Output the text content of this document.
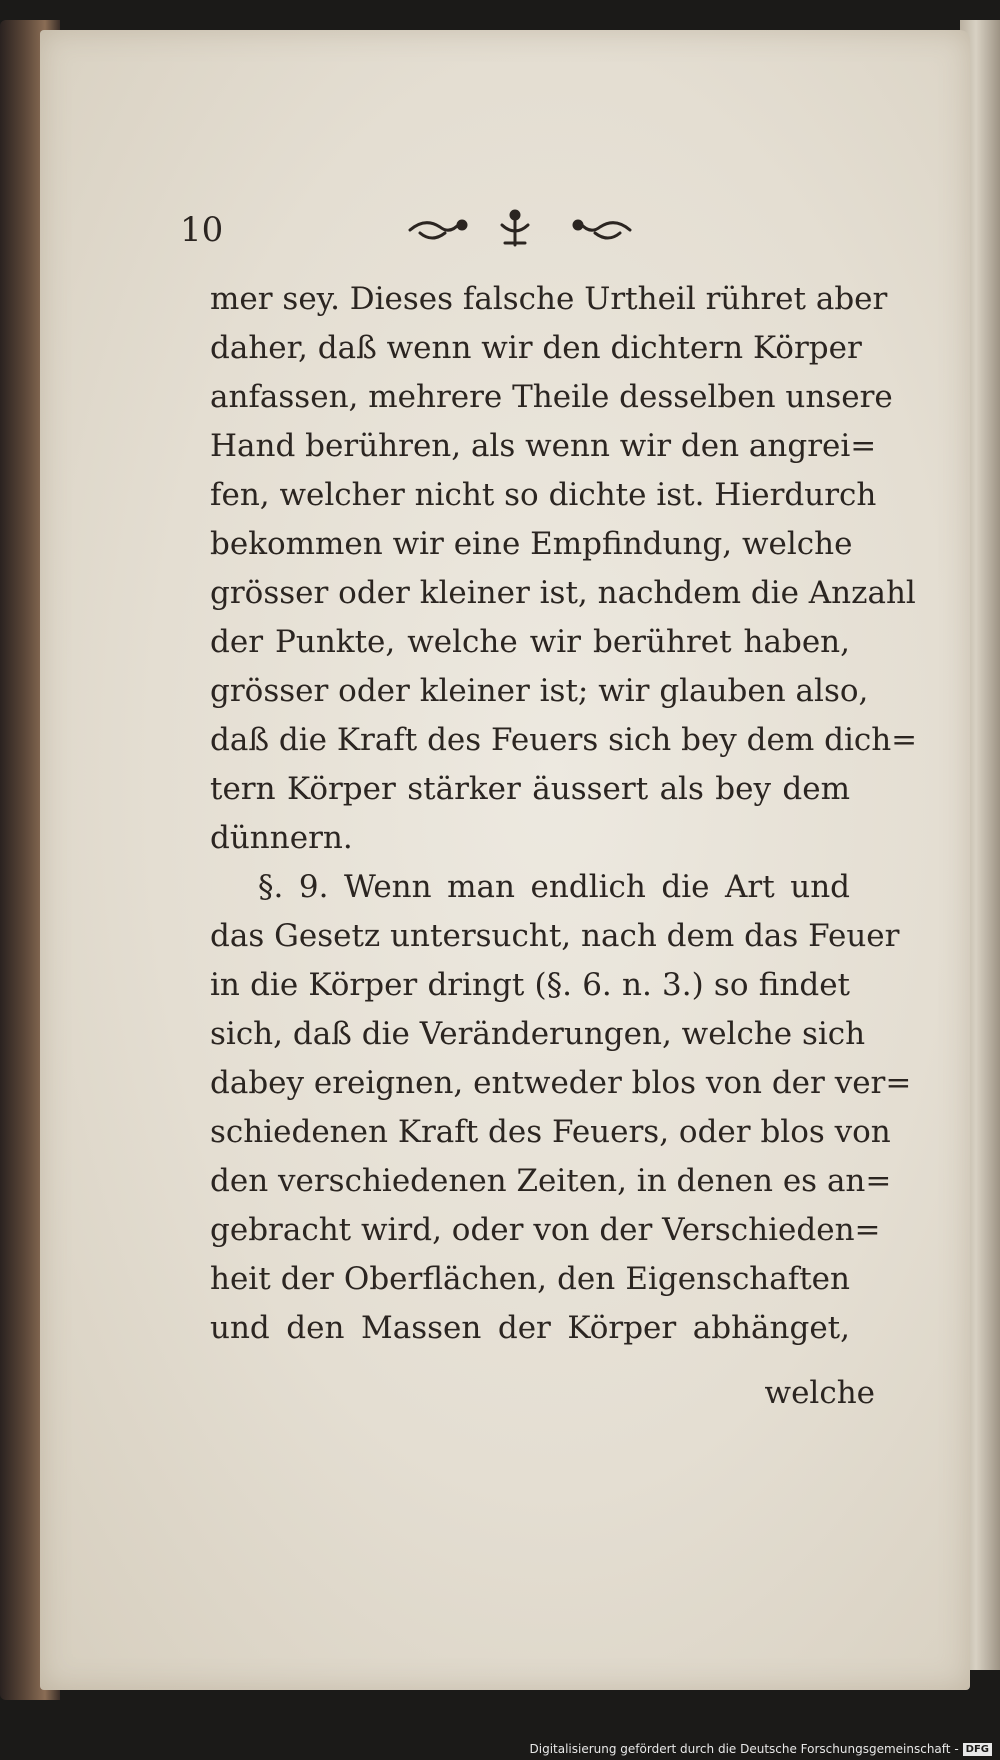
10
mer sey. Dieses falsche Urtheil rühret aber
daher, daß wenn wir den dichtern Körper
anfassen, mehrere Theile desselben unsere
Hand berühren, als wenn wir den angrei=
fen, welcher nicht so dichte ist. Hierdurch
bekommen wir eine Empfindung, welche
grösser oder kleiner ist, nachdem die Anzahl
der Punkte, welche wir berühret haben,
grösser oder kleiner ist; wir glauben also,
daß die Kraft des Feuers sich bey dem dich=
tern Körper stärker äussert als bey dem
dünnern.
§. 9. Wenn man endlich die Art und
das Gesetz untersucht, nach dem das Feuer
in die Körper dringt (§. 6. n. 3.) so findet
sich, daß die Veränderungen, welche sich
dabey ereignen, entweder blos von der ver=
schiedenen Kraft des Feuers, oder blos von
den verschiedenen Zeiten, in denen es an=
gebracht wird, oder von der Verschieden=
heit der Oberflächen, den Eigenschaften
und den Massen der Körper abhänget,
welche
Digitalisierung gefördert durch die Deutsche Forschungsgemeinschaft - DFG
